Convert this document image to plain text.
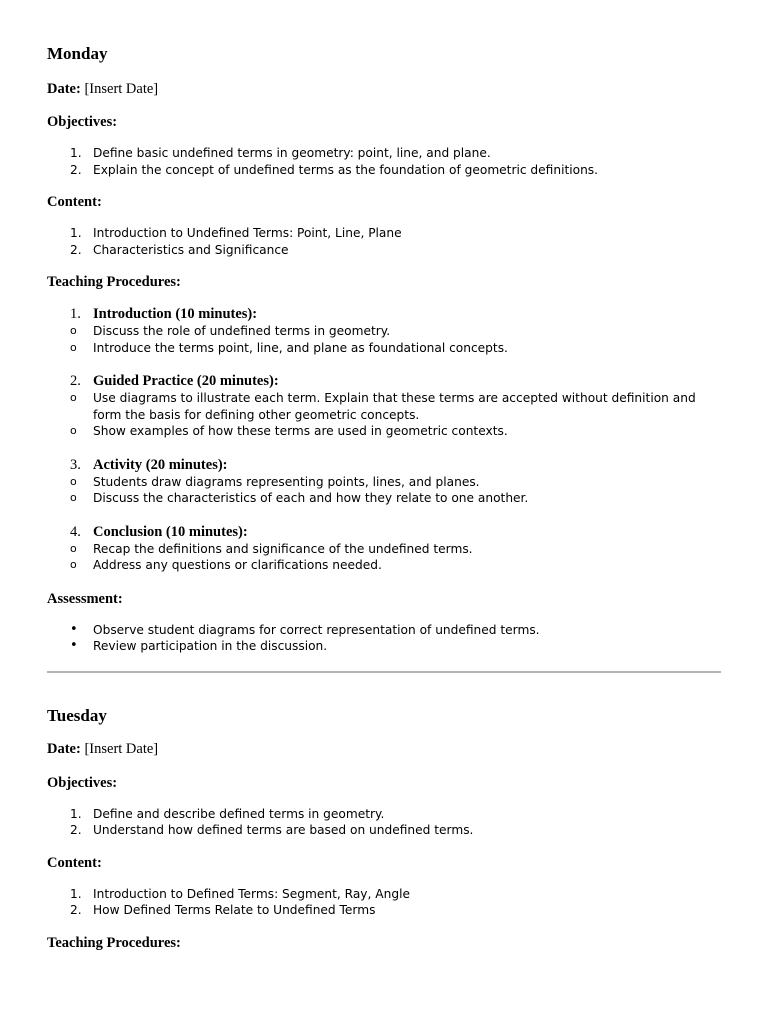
Monday

Date: [Insert Date]

Objectives:

1. Define basic undefined terms in geometry: point, line, and plane.
2. Explain the concept of undefined terms as the foundation of geometric definitions.

Content:

1. Introduction to Undefined Terms: Point, Line, Plane
2. Characteristics and Significance

Teaching Procedures:

1. Introduction (10 minutes):

o Discuss the role of undefined terms in geometry.
o Introduce the terms point, line, and plane as foundational concepts.
2. Guided Practice (20 minutes):

o Use diagrams to illustrate each term. Explain that these terms are accepted without definition and form the basis for defining other geometric concepts.
o Show examples of how these terms are used in geometric contexts.
3. Activity (20 minutes):

o Students draw diagrams representing points, lines, and planes.
o Discuss the characteristics of each and how they relate to one another.
4. Conclusion (10 minutes):

o Recap the definitions and significance of the undefined terms.
o Address any questions or clarifications needed.

Assessment:

• Observe student diagrams for correct representation of undefined terms.
• Review participation in the discussion.
Tuesday

Date: [Insert Date]

Objectives:

1. Define and describe defined terms in geometry.
2. Understand how defined terms are based on undefined terms.

Content:

1. Introduction to Defined Terms: Segment, Ray, Angle
2. How Defined Terms Relate to Undefined Terms

Teaching Procedures:
